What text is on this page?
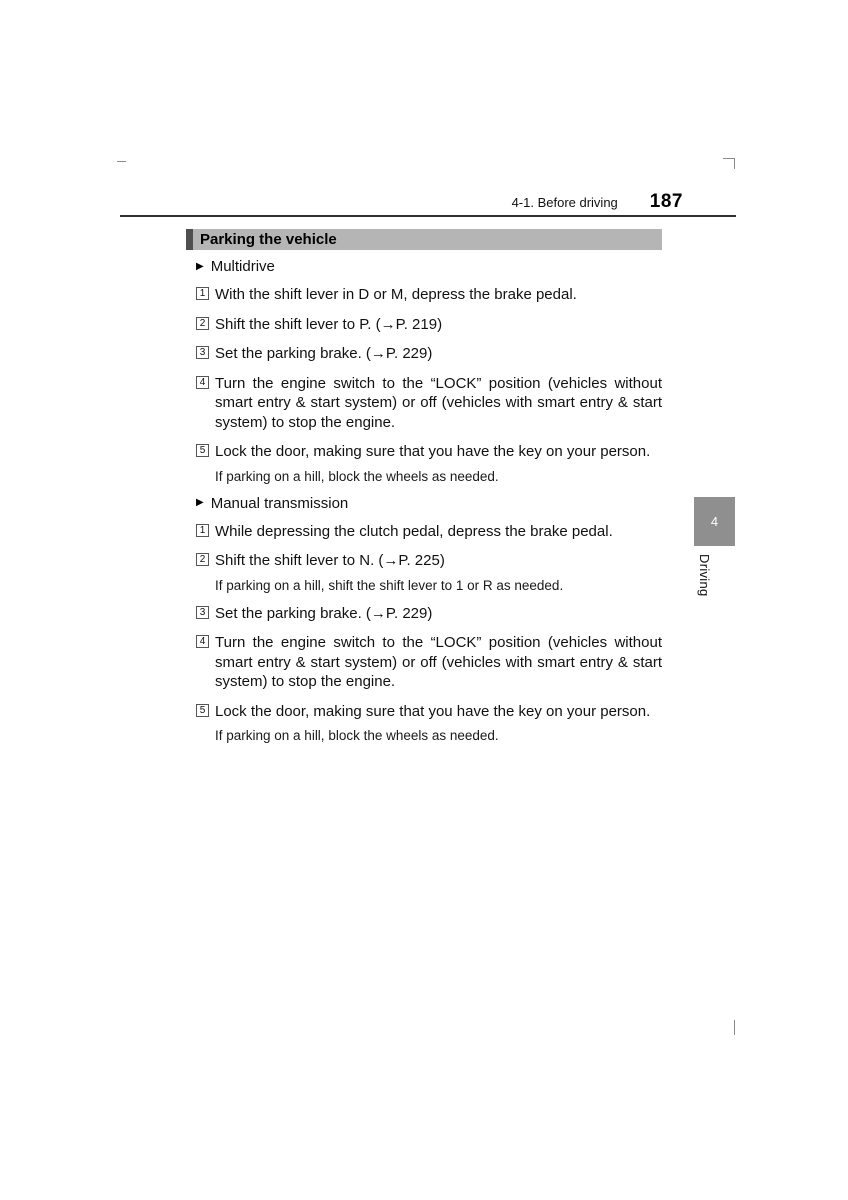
4-1. Before driving 187
Parking the vehicle
▶ Multidrive
1 With the shift lever in D or M, depress the brake pedal.
2 Shift the shift lever to P. (→P. 219)
3 Set the parking brake. (→P. 229)
4 Turn the engine switch to the “LOCK” position (vehicles without smart entry & start system) or off (vehicles with smart entry & start system) to stop the engine.
5 Lock the door, making sure that you have the key on your person.
If parking on a hill, block the wheels as needed.
▶ Manual transmission
1 While depressing the clutch pedal, depress the brake pedal.
2 Shift the shift lever to N. (→P. 225)
If parking on a hill, shift the shift lever to 1 or R as needed.
3 Set the parking brake. (→P. 229)
4 Turn the engine switch to the “LOCK” position (vehicles without smart entry & start system) or off (vehicles with smart entry & start system) to stop the engine.
5 Lock the door, making sure that you have the key on your person.
If parking on a hill, block the wheels as needed.
4
Driving
